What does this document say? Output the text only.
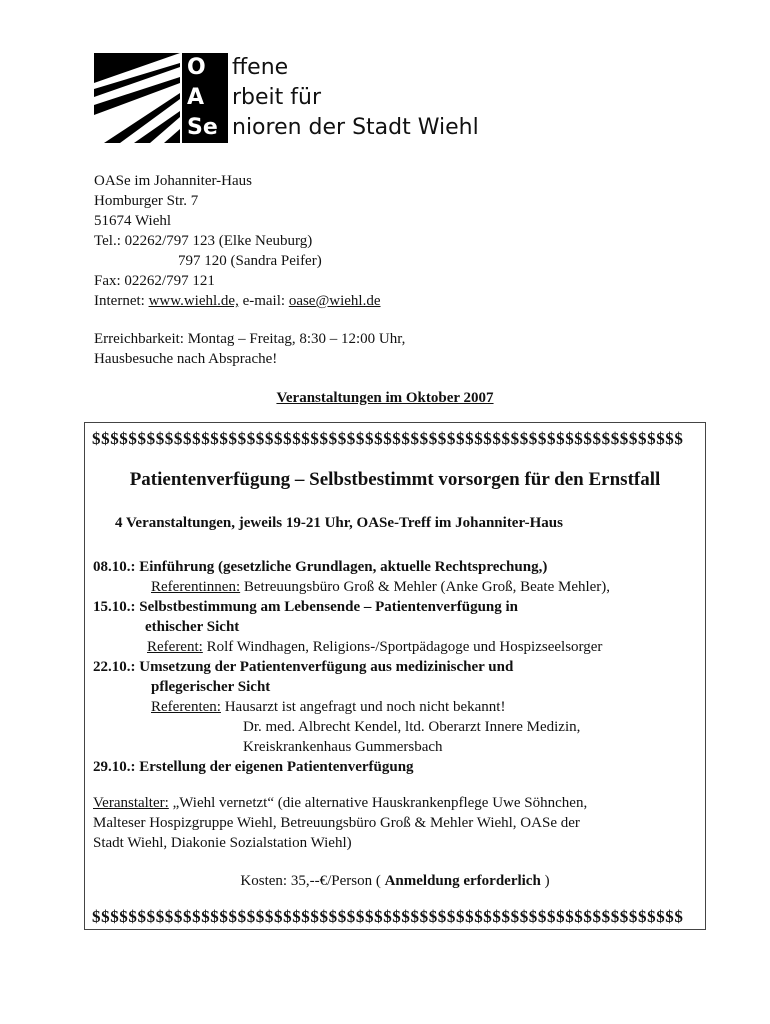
O
A
Se
ffene
rbeit für
nioren der Stadt Wiehl
OASe im Johanniter-Haus
Homburger Str. 7
51674 Wiehl
Tel.: 02262/797 123 (Elke Neuburg)
797 120 (Sandra Peifer)
Fax: 02262/797 121
Internet: www.wiehl.de, e-mail: oase@wiehl.de
Erreichbarkeit: Montag – Freitag, 8:30 – 12:00 Uhr,
Hausbesuche nach Absprache!
Veranstaltungen im Oktober 2007
$$$$$$$$$$$$$$$$$$$$$$$$$$$$$$$$$$$$$$$$$$$$$$$$$$$$$$$$$$$$$$$$$
Patientenverfügung – Selbstbestimmt vorsorgen für den Ernstfall
4 Veranstaltungen, jeweils 19-21 Uhr, OASe-Treff im Johanniter-Haus
08.10.: Einführung (gesetzliche Grundlagen, aktuelle Rechtsprechung,)
Referentinnen: Betreuungsbüro Groß & Mehler (Anke Groß, Beate Mehler),
15.10.: Selbstbestimmung am Lebensende – Patientenverfügung in
ethischer Sicht
Referent: Rolf Windhagen, Religions-/Sportpädagoge und Hospizseelsorger
22.10.: Umsetzung der Patientenverfügung aus medizinischer und
pflegerischer Sicht
Referenten: Hausarzt ist angefragt und noch nicht bekannt!
Dr. med. Albrecht Kendel, ltd. Oberarzt Innere Medizin,
Kreiskrankenhaus Gummersbach
29.10.: Erstellung der eigenen Patientenverfügung
Veranstalter: „Wiehl vernetzt“ (die alternative Hauskrankenpflege Uwe Söhnchen,
Malteser Hospizgruppe Wiehl, Betreuungsbüro Groß & Mehler Wiehl, OASe der
Stadt Wiehl, Diakonie Sozialstation Wiehl)
Kosten: 35,--€/Person ( Anmeldung erforderlich )
$$$$$$$$$$$$$$$$$$$$$$$$$$$$$$$$$$$$$$$$$$$$$$$$$$$$$$$$$$$$$$$$$
